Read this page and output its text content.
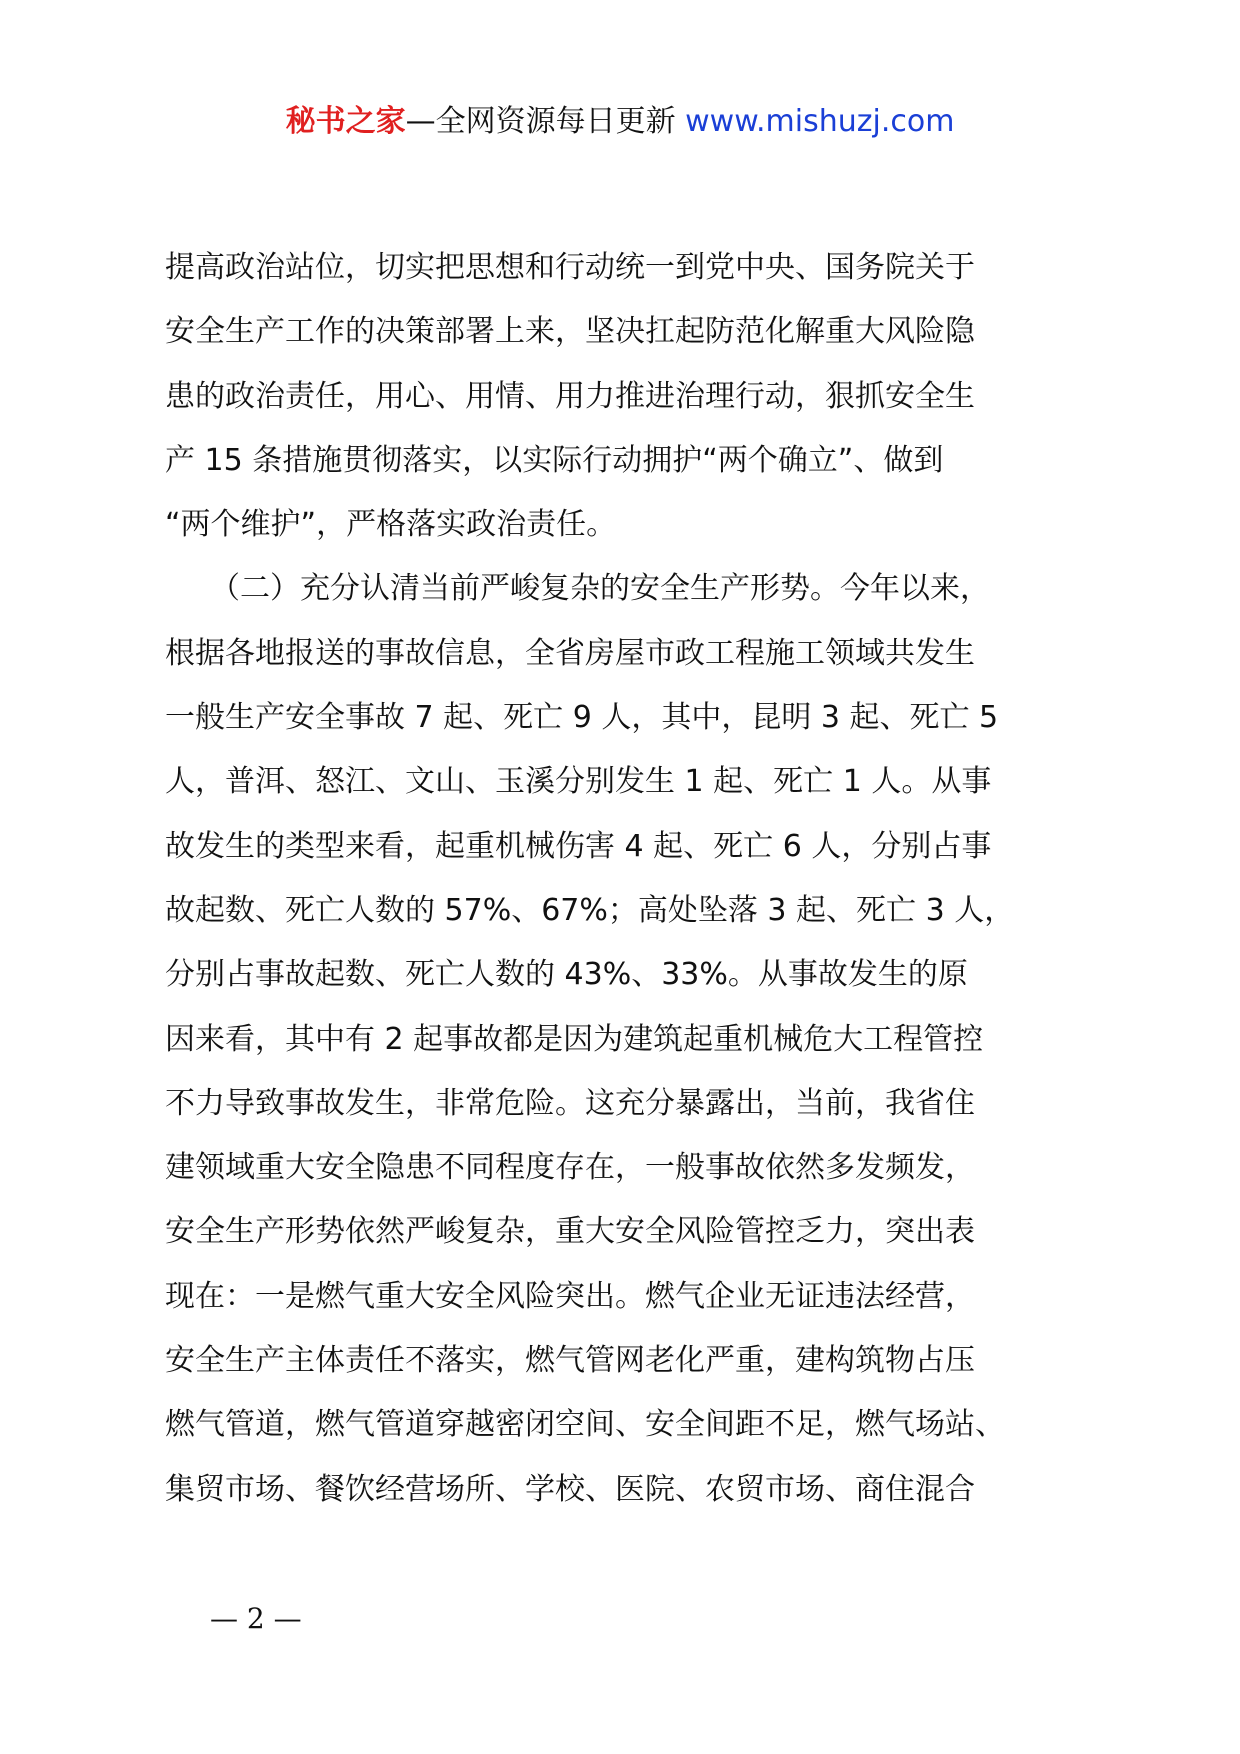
秘书之家—全网资源每日更新 www.mishuzj.com
提高政治站位，切实把思想和行动统一到党中央、国务院关于
安全生产工作的决策部署上来，坚决扛起防范化解重大风险隐
患的政治责任，用心、用情、用力推进治理行动，狠抓安全生
产 15 条措施贯彻落实，以实际行动拥护“两个确立”、做到
“两个维护”，严格落实政治责任。
　　（二）充分认清当前严峻复杂的安全生产形势。今年以来，
根据各地报送的事故信息，全省房屋市政工程施工领域共发生
一般生产安全事故 7 起、死亡 9 人，其中，昆明 3 起、死亡 5
人，普洱、怒江、文山、玉溪分别发生 1 起、死亡 1 人。从事
故发生的类型来看，起重机械伤害 4 起、死亡 6 人，分别占事
故起数、死亡人数的 57%、67%；高处坠落 3 起、死亡 3 人，
分别占事故起数、死亡人数的 43%、33%。从事故发生的原
因来看，其中有 2 起事故都是因为建筑起重机械危大工程管控
不力导致事故发生，非常危险。这充分暴露出，当前，我省住
建领域重大安全隐患不同程度存在，一般事故依然多发频发，
安全生产形势依然严峻复杂，重大安全风险管控乏力，突出表
现在：一是燃气重大安全风险突出。燃气企业无证违法经营，
安全生产主体责任不落实，燃气管网老化严重，建构筑物占压
燃气管道，燃气管道穿越密闭空间、安全间距不足，燃气场站、
集贸市场、餐饮经营场所、学校、医院、农贸市场、商住混合
— 2 —
